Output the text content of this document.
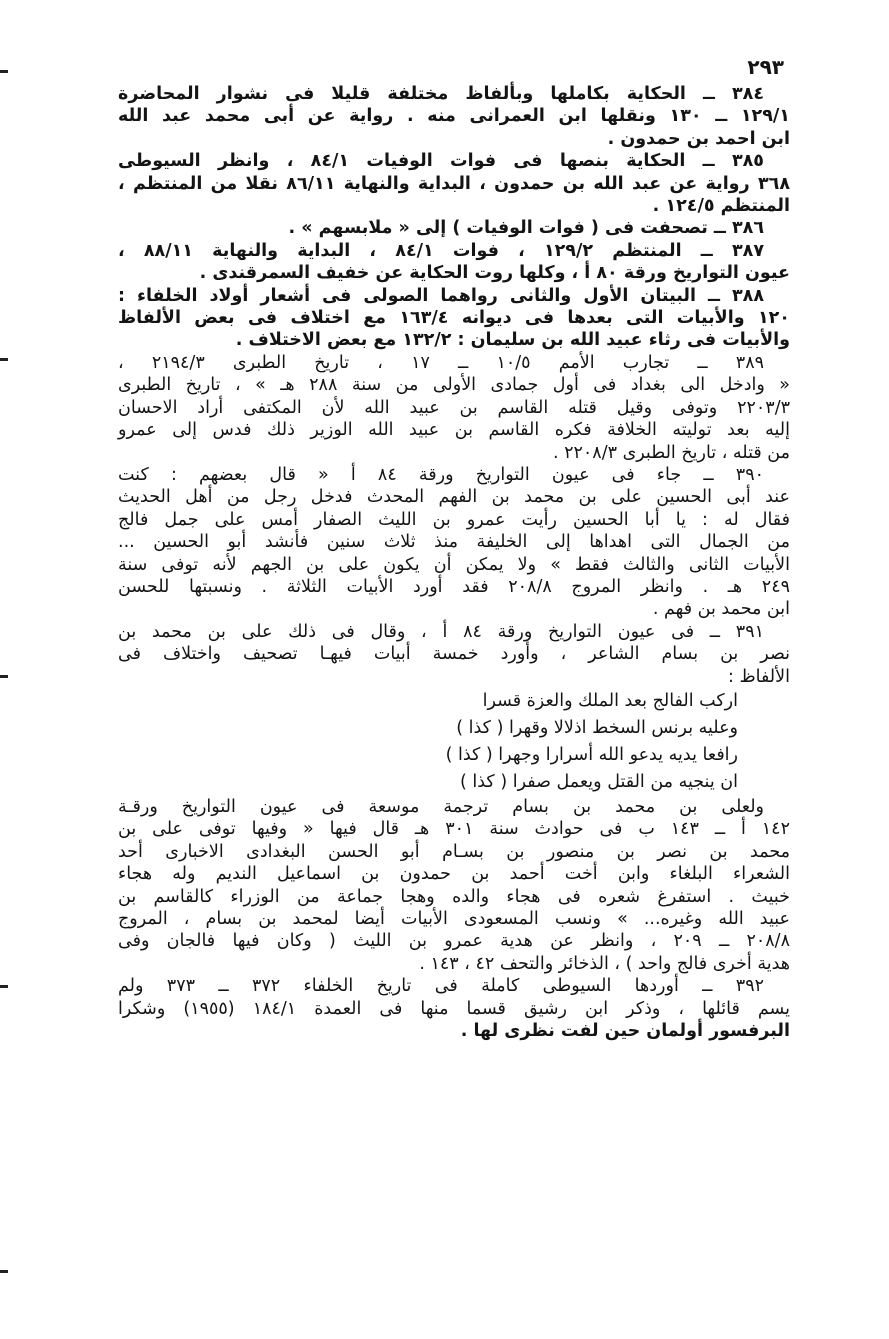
٢٩٣
٣٨٤ ــ الحكاية بكاملها وبألفاظ مختلفة قليلا فى نشوار المحاضرة
١٢٩/١ ــ ١٣٠ ونقلها ابن العمرانى منه . رواية عن أبى محمد عبد الله
ابن احمد بن حمدون .
٣٨٥ ــ الحكاية بنصها فى فوات الوفيات ٨٤/١ ، وانظر السيوطى
٣٦٨ رواية عن عبد الله بن حمدون ، البداية والنهاية ٨٦/١١ نقلا من المنتظم ،
المنتظم ١٢٤/٥ .
٣٨٦ ــ تصحفت فى ( فوات الوفيات ) إلى « ملابسهم » .
٣٨٧ ــ المنتظم ١٢٩/٢ ، فوات ٨٤/١ ، البداية والنهاية ٨٨/١١ ،
عيون التواريخ ورقة ٨٠ أ ، وكلها روت الحكاية عن خفيف السمرقندى .
٣٨٨ ــ البيتان الأول والثانى رواهما الصولى فى أشعار أولاد الخلفاء :
١٢٠ والأبيات التى بعدها فى ديوانه ١٦٣/٤ مع اختلاف فى بعض الألفاظ
والأبيات فى رثاء عبيد الله بن سليمان : ١٣٢/٢ مع بعض الاختلاف .
٣٨٩ ــ تجارب الأمم ١٠/٥ ــ ١٧ ، تاريخ الطبرى ٢١٩٤/٣ ،
« وادخل الى بغداد فى أول جمادى الأولى من سنة ٢٨٨ هـ » ، تاريخ الطبرى
٢٢٠٣/٣ وتوفى وقيل قتله القاسم بن عبيد الله لأن المكتفى أراد الاحسان
إليه بعد توليته الخلافة فكره القاسم بن عبيد الله الوزير ذلك فدس إلى عمرو
من قتله ، تاريخ الطبرى ٢٢٠٨/٣ .
٣٩٠ ــ جاء فى عيون التواريخ ورقة ٨٤ أ « قال بعضهم : كنت
عند أبى الحسين على بن محمد بن الفهم المحدث فدخل رجل من أهل الحديث
فقال له : يا أبا الحسين رأيت عمرو بن الليث الصفار أمس على جمل فالج
من الجمال التى اهداها إلى الخليفة منذ ثلاث سنين فأنشد أبو الحسين ...
الأبيات الثانى والثالث فقط » ولا يمكن أن يكون على بن الجهم لأنه توفى سنة
٢٤٩ هـ . وانظر المروج ٢٠٨/٨ فقد أورد الأبيات الثلاثة . ونسبتها للحسن
ابن محمد بن فهم .
٣٩١ ــ فى عيون التواريخ ورقة ٨٤ أ ، وقال فى ذلك على بن محمد بن
نصر بن بسام الشاعر ، وأورد خمسة أبيات فيهـا تصحيف واختلاف فى
الألفاظ :
اركب الفالج بعد الملك والعزة قسرا
وعليه برنس السخط اذلالا وقهرا ( كذا )
رافعا يديه يدعو الله أسرارا وجهرا ( كذا )
ان ينجيه من القتل ويعمل صفرا ( كذا )
ولعلى بن محمد بن بسام ترجمة موسعة فى عيون التواريخ ورقـة
١٤٢ أ ــ ١٤٣ ب فى حوادث سنة ٣٠١ هـ قال فيها « وفيها توفى على بن
محمد بن نصر بن منصور بن بسـام أبو الحسن البغدادى الاخبارى أحد
الشعراء البلغاء وابن أخت أحمد بن حمدون بن اسماعيل النديم وله هجاء
خبيث . استفرغ شعره فى هجاء والده وهجا جماعة من الوزراء كالقاسم بن
عبيد الله وغيره... » ونسب المسعودى الأبيات أيضا لمحمد بن بسام ، المروج
٢٠٨/٨ ــ ٢٠٩ ، وانظر عن هدية عمرو بن الليث ( وكان فيها فالجان وفى
هدية أخرى فالج واحد ) ، الذخائر والتحف ٤٢ ، ١٤٣ .
٣٩٢ ــ أوردها السيوطى كاملة فى تاريخ الخلفاء ٣٧٢ ــ ٣٧٣ ولم
يسم قائلها ، وذكر ابن رشيق قسما منها فى العمدة ١٨٤/١ (١٩٥٥) وشكرا
البرفسور أولمان حين لفت نظرى لها .
